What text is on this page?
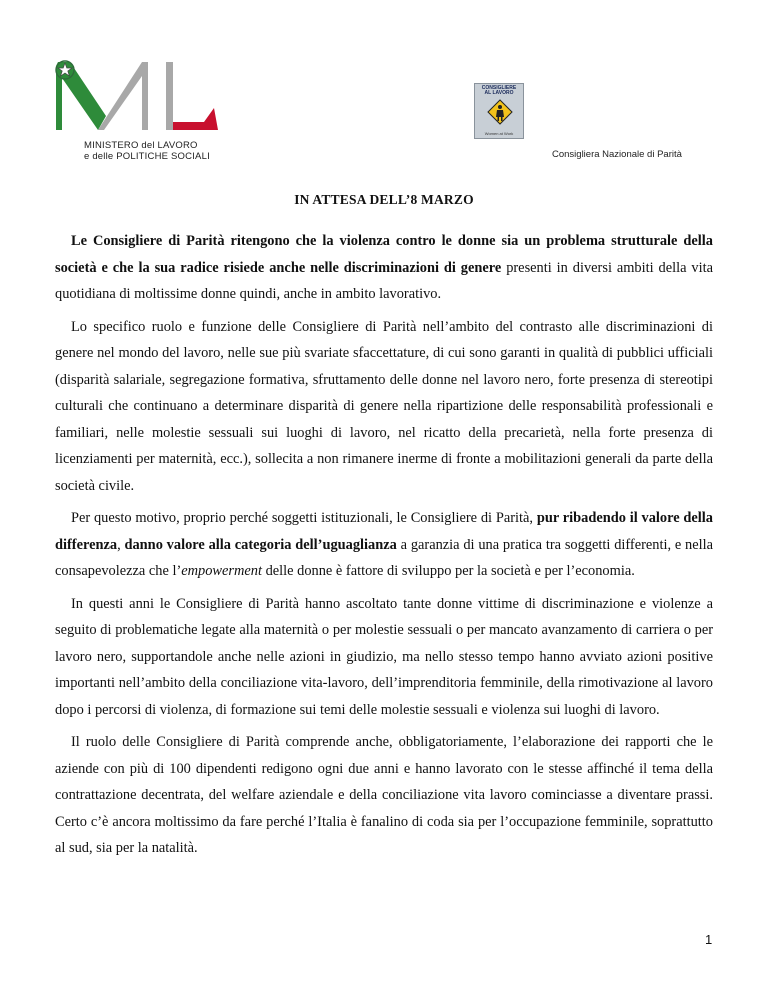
MINISTERO del LAVORO
e delle POLITICHE SOCIALI
CONSIGLIERE
AL LAVORO
Women at Work
Consigliera Nazionale di Parità
IN ATTESA DELL’8 MARZO

Le Consigliere di Parità ritengono che la violenza contro le donne sia un problema strutturale della società e che la sua radice risiede anche nelle discriminazioni di genere presenti in diversi ambiti della vita quotidiana di moltissime donne quindi, anche in ambito lavorativo.

Lo specifico ruolo e funzione delle Consigliere di Parità nell’ambito del contrasto alle discriminazioni di genere nel mondo del lavoro, nelle sue più svariate sfaccettature, di cui sono garanti in qualità di pubblici ufficiali (disparità salariale, segregazione formativa, sfruttamento delle donne nel lavoro nero, forte presenza di stereotipi culturali che continuano a determinare disparità di genere nella ripartizione delle responsabilità professionali e familiari, nelle molestie sessuali sui luoghi di lavoro, nel ricatto della precarietà, nella forte presenza di licenziamenti per maternità, ecc.), sollecita a non rimanere inerme di fronte a mobilitazioni generali da parte della società civile.

Per questo motivo, proprio perché soggetti istituzionali, le Consigliere di Parità, pur ribadendo il valore della differenza, danno valore alla categoria dell’uguaglianza a garanzia di una pratica tra soggetti differenti, e nella consapevolezza che l’empowerment delle donne è fattore di sviluppo per la società e per l’economia.

In questi anni le Consigliere di Parità hanno ascoltato tante donne vittime di discriminazione e violenze a seguito di problematiche legate alla maternità o per molestie sessuali o per mancato avanzamento di carriera o per lavoro nero, supportandole anche nelle azioni in giudizio, ma nello stesso tempo hanno avviato azioni positive importanti nell’ambito della conciliazione vita-lavoro, dell’imprenditoria femminile, della rimotivazione al lavoro dopo i percorsi di violenza, di formazione sui temi delle molestie sessuali e violenza sui luoghi di lavoro.

Il ruolo delle Consigliere di Parità comprende anche, obbligatoriamente, l’elaborazione dei rapporti che le aziende con più di 100 dipendenti redigono ogni due anni e hanno lavorato con le stesse affinché il tema della contrattazione decentrata, del welfare aziendale e della conciliazione vita lavoro cominciasse a diventare prassi. Certo c’è ancora moltissimo da fare perché l’Italia è fanalino di coda sia per l’occupazione femminile, soprattutto al sud, sia per la natalità.

1
